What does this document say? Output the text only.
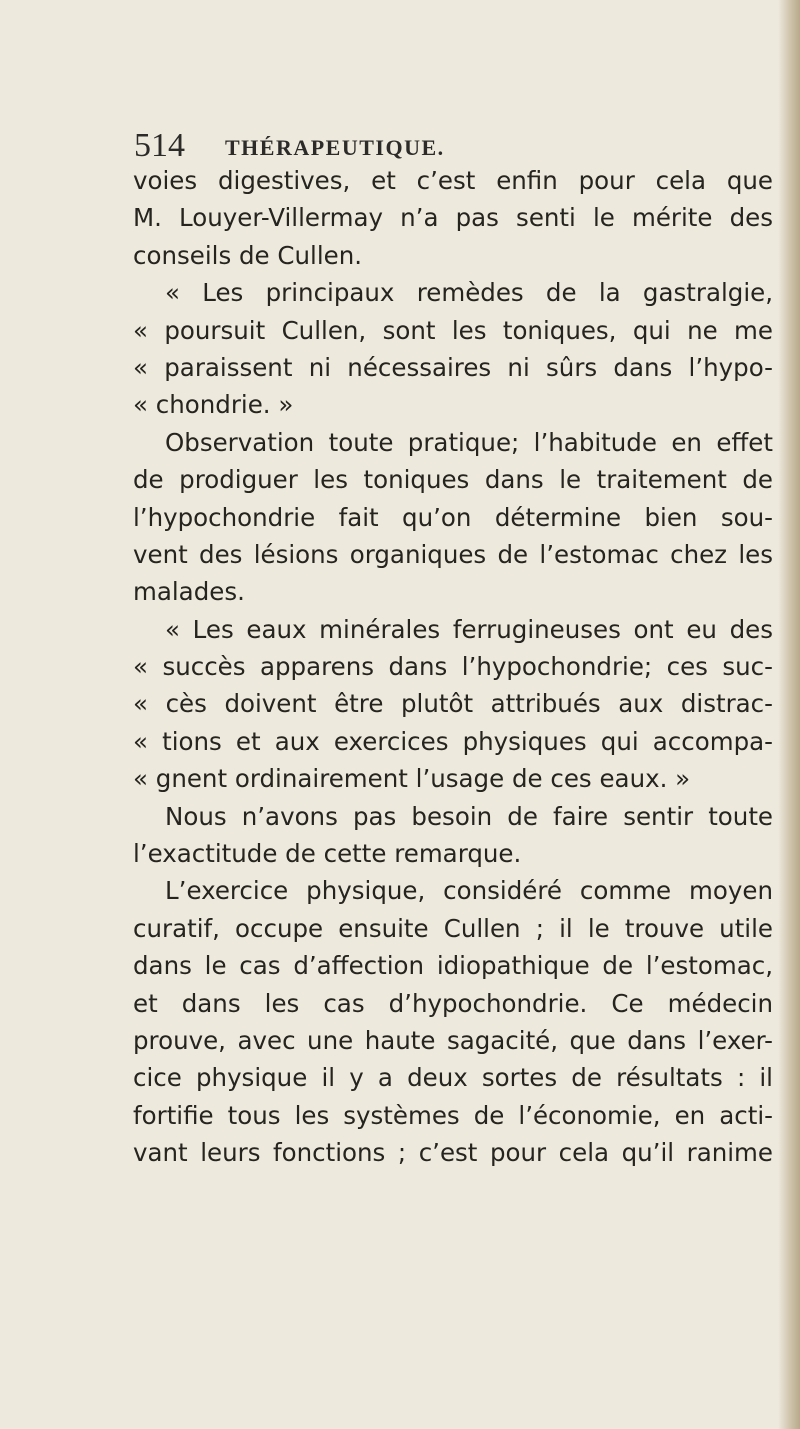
514 THÉRAPEUTIQUE.
voies digestives, et c’est enfin pour cela que
M. Louyer-Villermay n’a pas senti le mérite des
conseils de Cullen.
« Les principaux remèdes de la gastralgie,
« poursuit Cullen, sont les toniques, qui ne me
« paraissent ni nécessaires ni sûrs dans l’hypo-
« chondrie. »
Observation toute pratique; l’habitude en effet
de prodiguer les toniques dans le traitement de
l’hypochondrie fait qu’on détermine bien sou-
vent des lésions organiques de l’estomac chez les
malades.
« Les eaux minérales ferrugineuses ont eu des
« succès apparens dans l’hypochondrie; ces suc-
« cès doivent être plutôt attribués aux distrac-
« tions et aux exercices physiques qui accompa-
« gnent ordinairement l’usage de ces eaux. »
Nous n’avons pas besoin de faire sentir toute
l’exactitude de cette remarque.
L’exercice physique, considéré comme moyen
curatif, occupe ensuite Cullen ; il le trouve utile
dans le cas d’affection idiopathique de l’estomac,
et dans les cas d’hypochondrie. Ce médecin
prouve, avec une haute sagacité, que dans l’exer-
cice physique il y a deux sortes de résultats : il
fortifie tous les systèmes de l’économie, en acti-
vant leurs fonctions ; c’est pour cela qu’il ranime
